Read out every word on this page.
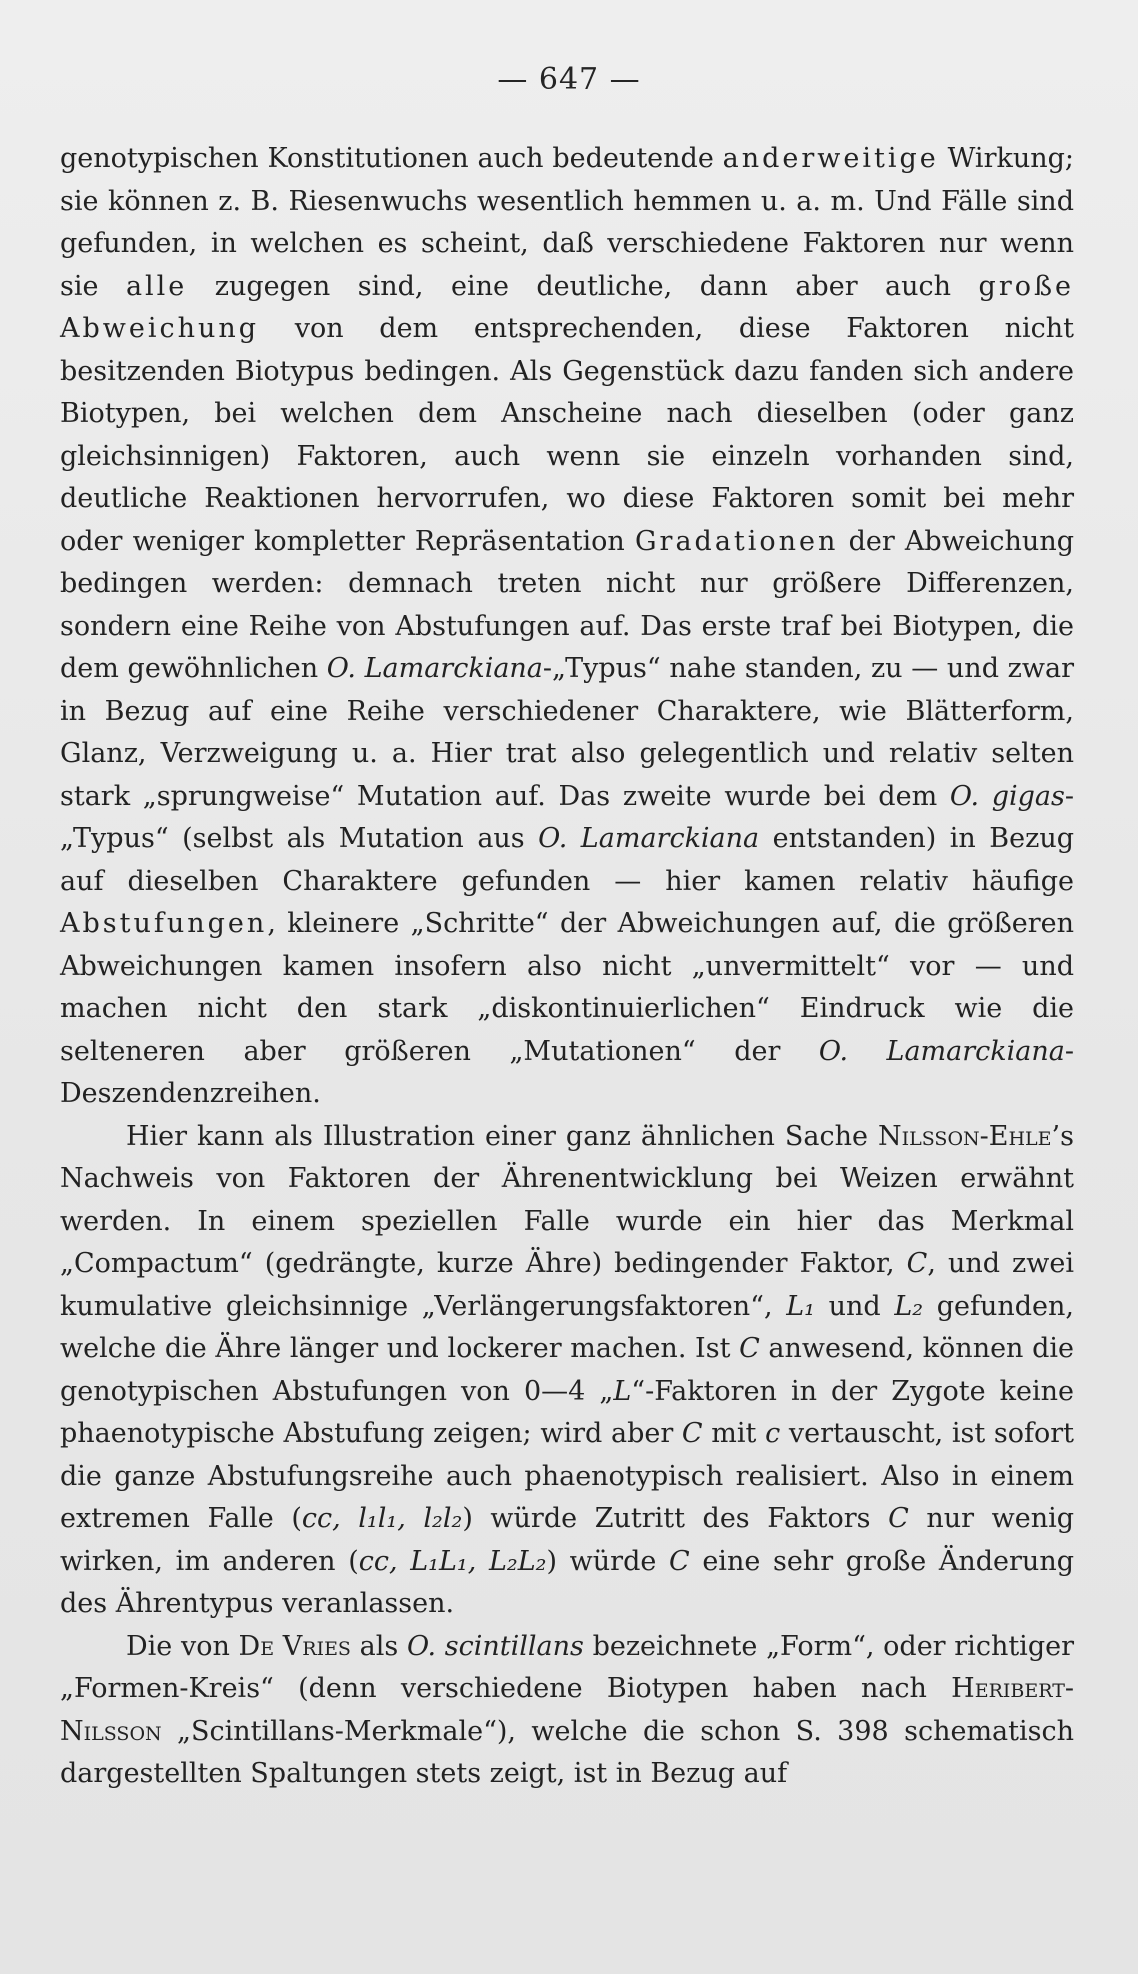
— 647 —

genotypischen Konstitutionen auch bedeutende anderweitige Wirkung; sie können z. B. Riesenwuchs wesentlich hemmen u. a. m. Und Fälle sind gefunden, in welchen es scheint, daß verschiedene Faktoren nur wenn sie alle zugegen sind, eine deutliche, dann aber auch große Abweichung von dem entsprechenden, diese Faktoren nicht besitzenden Biotypus bedingen. Als Gegenstück dazu fanden sich andere Biotypen, bei welchen dem Anscheine nach dieselben (oder ganz gleichsinnigen) Faktoren, auch wenn sie einzeln vorhanden sind, deutliche Reaktionen hervorrufen, wo diese Faktoren somit bei mehr oder weniger kompletter Repräsentation Gradationen der Abweichung bedingen werden: demnach treten nicht nur größere Differenzen, sondern eine Reihe von Abstufungen auf. Das erste traf bei Biotypen, die dem gewöhnlichen O. Lamarckiana-„Typus“ nahe standen, zu — und zwar in Bezug auf eine Reihe verschiedener Charaktere, wie Blätterform, Glanz, Verzweigung u. a. Hier trat also gelegentlich und relativ selten stark „sprungweise“ Mutation auf. Das zweite wurde bei dem O. gigas-„Typus“ (selbst als Mutation aus O. Lamarckiana entstanden) in Bezug auf dieselben Charaktere gefunden — hier kamen relativ häufige Abstufungen, kleinere „Schritte“ der Abweichungen auf, die größeren Abweichungen kamen insofern also nicht „unvermittelt“ vor — und machen nicht den stark „diskontinuierlichen“ Eindruck wie die selteneren aber größeren „Mutationen“ der O. Lamarckiana-Deszendenzreihen.

Hier kann als Illustration einer ganz ähnlichen Sache Nilsson-Ehle’s Nachweis von Faktoren der Ährenentwicklung bei Weizen erwähnt werden. In einem speziellen Falle wurde ein hier das Merkmal „Compactum“ (gedrängte, kurze Ähre) bedingender Faktor, C, und zwei kumulative gleichsinnige „Verlängerungsfaktoren“, L₁ und L₂ gefunden, welche die Ähre länger und lockerer machen. Ist C anwesend, können die genotypischen Abstufungen von 0—4 „L“-Faktoren in der Zygote keine phaenotypische Abstufung zeigen; wird aber C mit c vertauscht, ist sofort die ganze Abstufungsreihe auch phaenotypisch realisiert. Also in einem extremen Falle (cc, l₁l₁, l₂l₂) würde Zutritt des Faktors C nur wenig wirken, im anderen (cc, L₁L₁, L₂L₂) würde C eine sehr große Änderung des Ährentypus veranlassen.

Die von De Vries als O. scintillans bezeichnete „Form“, oder richtiger „Formen-Kreis“ (denn verschiedene Biotypen haben nach Heribert-Nilsson „Scintillans-Merkmale“), welche die schon S. 398 schematisch dargestellten Spaltungen stets zeigt, ist in Bezug auf
